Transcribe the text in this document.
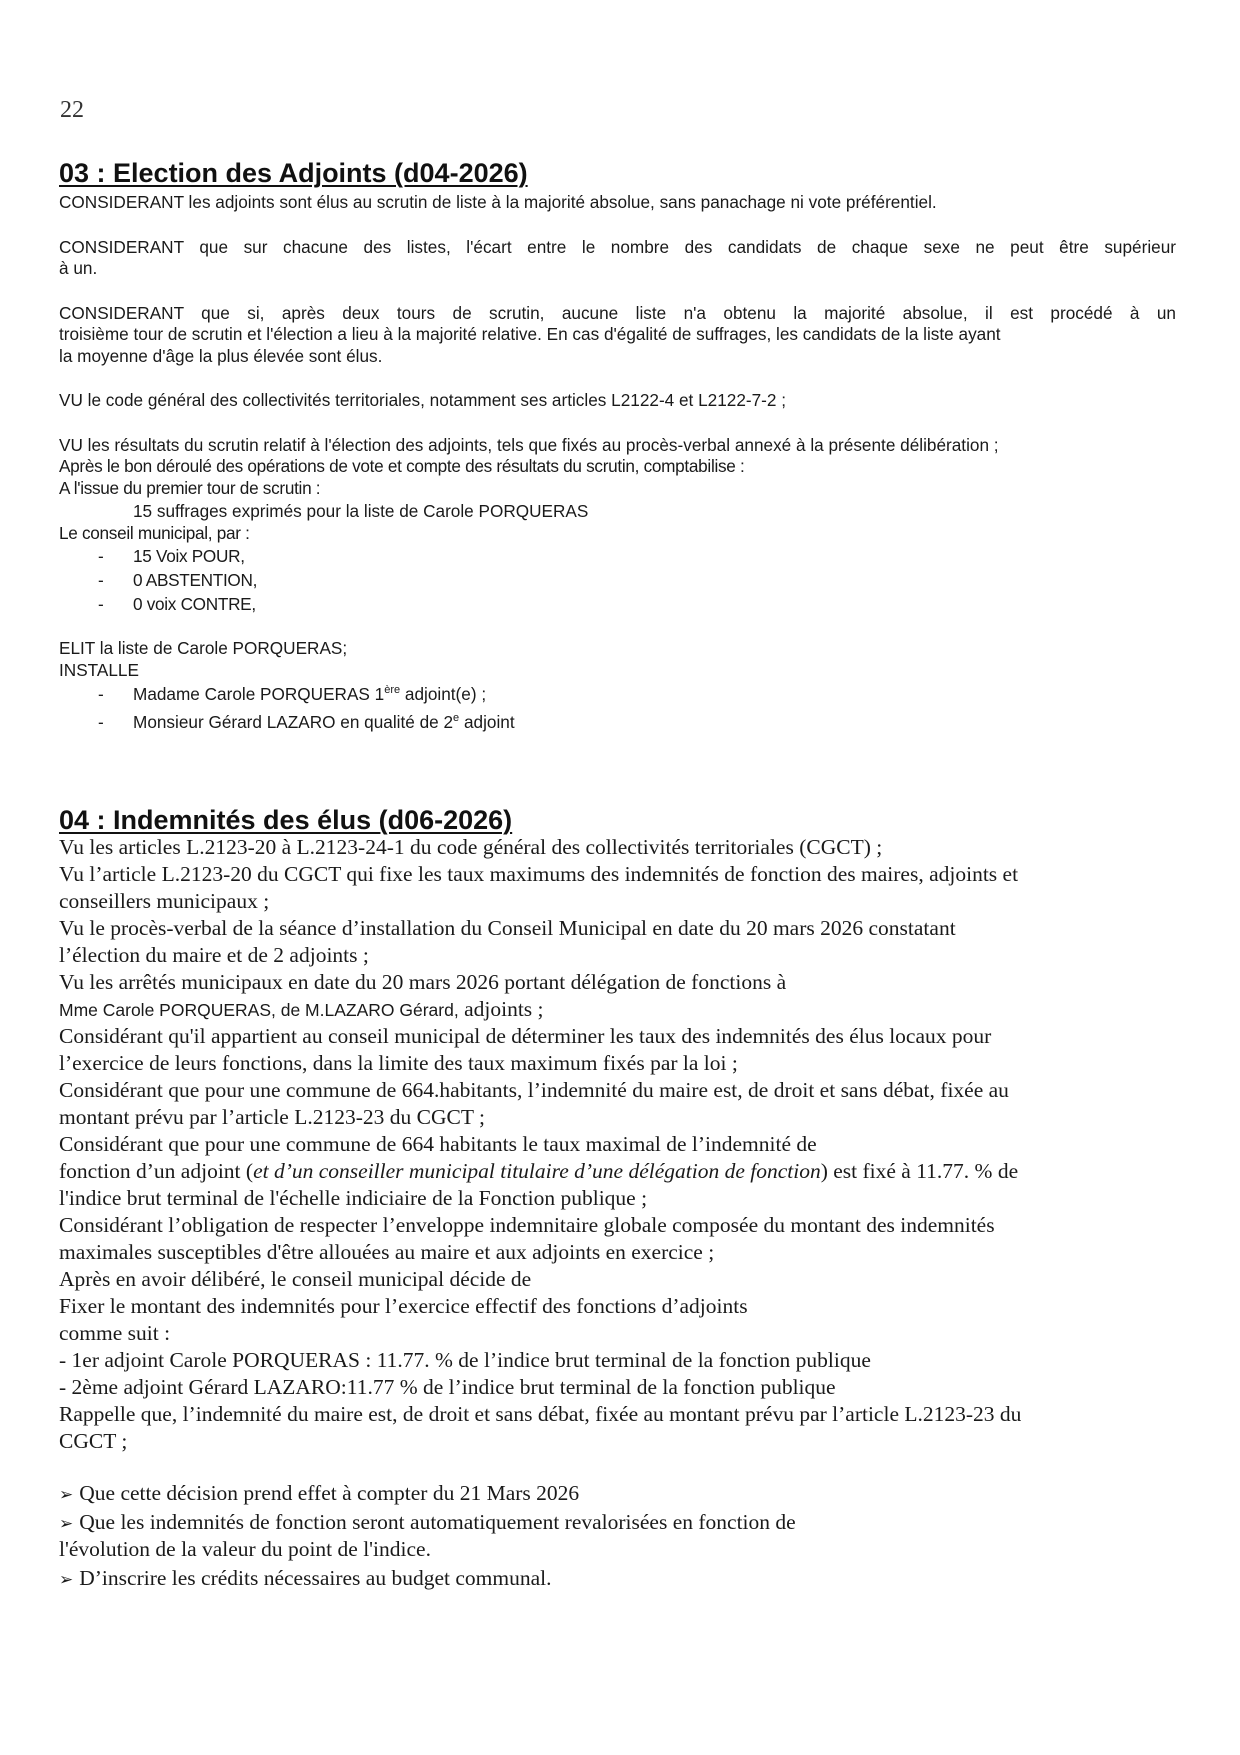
22
03 : Election des Adjoints (d04-2026)
CONSIDERANT les adjoints sont élus au scrutin de liste à la majorité absolue, sans panachage ni vote préférentiel.
CONSIDERANT que sur chacune des listes, l'écart entre le nombre des candidats de chaque sexe ne peut être supérieur
à un.
CONSIDERANT que si, après deux tours de scrutin, aucune liste n'a obtenu la majorité absolue, il est procédé à un
troisième tour de scrutin et l'élection a lieu à la majorité relative. En cas d'égalité de suffrages, les candidats de la liste ayant
la moyenne d'âge la plus élevée sont élus.
VU le code général des collectivités territoriales, notamment ses articles L2122-4 et L2122-7-2 ;
VU les résultats du scrutin relatif à l'élection des adjoints, tels que fixés au procès-verbal annexé à la présente délibération ;
Après le bon déroulé des opérations de vote et compte des résultats du scrutin, comptabilise :
A l'issue du premier tour de scrutin :
15 suffrages exprimés pour la liste de Carole PORQUERAS
Le conseil municipal, par :
- 15 Voix POUR,
- 0 ABSTENTION,
- 0 voix CONTRE,
ELIT la liste de Carole PORQUERAS;
INSTALLE
- Madame Carole PORQUERAS 1ère adjoint(e) ;
- Monsieur Gérard LAZARO en qualité de 2e adjoint
04 : Indemnités des élus (d06-2026)
Vu les articles L.2123-20 à L.2123-24-1 du code général des collectivités territoriales (CGCT) ;
Vu l’article L.2123-20 du CGCT qui fixe les taux maximums des indemnités de fonction des maires, adjoints et
conseillers municipaux ;
Vu le procès-verbal de la séance d’installation du Conseil Municipal en date du 20 mars 2026 constatant
l’élection du maire et de 2 adjoints ;
Vu les arrêtés municipaux en date du 20 mars 2026 portant délégation de fonctions à
Mme Carole PORQUERAS, de M.LAZARO Gérard, adjoints ;
Considérant qu'il appartient au conseil municipal de déterminer les taux des indemnités des élus locaux pour
l’exercice de leurs fonctions, dans la limite des taux maximum fixés par la loi ;
Considérant que pour une commune de 664.habitants, l’indemnité du maire est, de droit et sans débat, fixée au
montant prévu par l’article L.2123-23 du CGCT ;
Considérant que pour une commune de 664 habitants le taux maximal de l’indemnité de
fonction d’un adjoint (et d’un conseiller municipal titulaire d’une délégation de fonction) est fixé à 11.77. % de
l'indice brut terminal de l'échelle indiciaire de la Fonction publique ;
Considérant l’obligation de respecter l’enveloppe indemnitaire globale composée du montant des indemnités
maximales susceptibles d'être allouées au maire et aux adjoints en exercice ;
Après en avoir délibéré, le conseil municipal décide de
Fixer le montant des indemnités pour l’exercice effectif des fonctions d’adjoints
comme suit :
- 1er adjoint Carole PORQUERAS : 11.77. % de l’indice brut terminal de la fonction publique
- 2ème adjoint Gérard LAZARO:11.77 % de l’indice brut terminal de la fonction publique
Rappelle que, l’indemnité du maire est, de droit et sans débat, fixée au montant prévu par l’article L.2123-23 du
CGCT ;
➢ Que cette décision prend effet à compter du 21 Mars 2026
➢ Que les indemnités de fonction seront automatiquement revalorisées en fonction de
l'évolution de la valeur du point de l'indice.
➢ D’inscrire les crédits nécessaires au budget communal.
